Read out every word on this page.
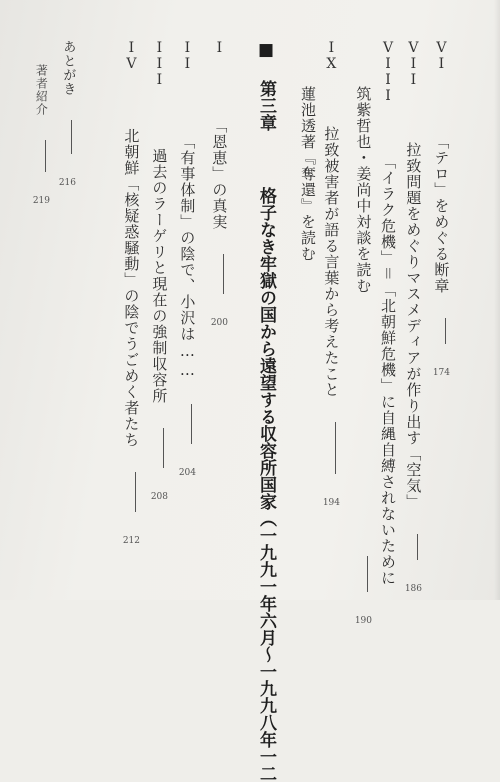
VI  「テロ」をめぐる断章  174
VII  拉致問題をめぐりマスメディアが作り出す「空気」  186
VIII  「イラク危機」＝「北朝鮮危機」に自縄自縛されないために
筑紫哲也・姜尚中対談を読む   190
IX  拉致被害者が語る言葉から考えたこと  194
蓮池透著『奪還』を読む
■ 第三章  格子なき牢獄の国から遠望する収容所国家（一九九一年六月〜一九九八年一二
I  「恩恵」の真実  200
II  「有事体制」の陰で、小沢は……  204
III  過去のラーゲリと現在の強制収容所  208
IV  北朝鮮「核疑惑騒動」の陰でうごめく者たち  212
あとがき  216
著者紹介  219
